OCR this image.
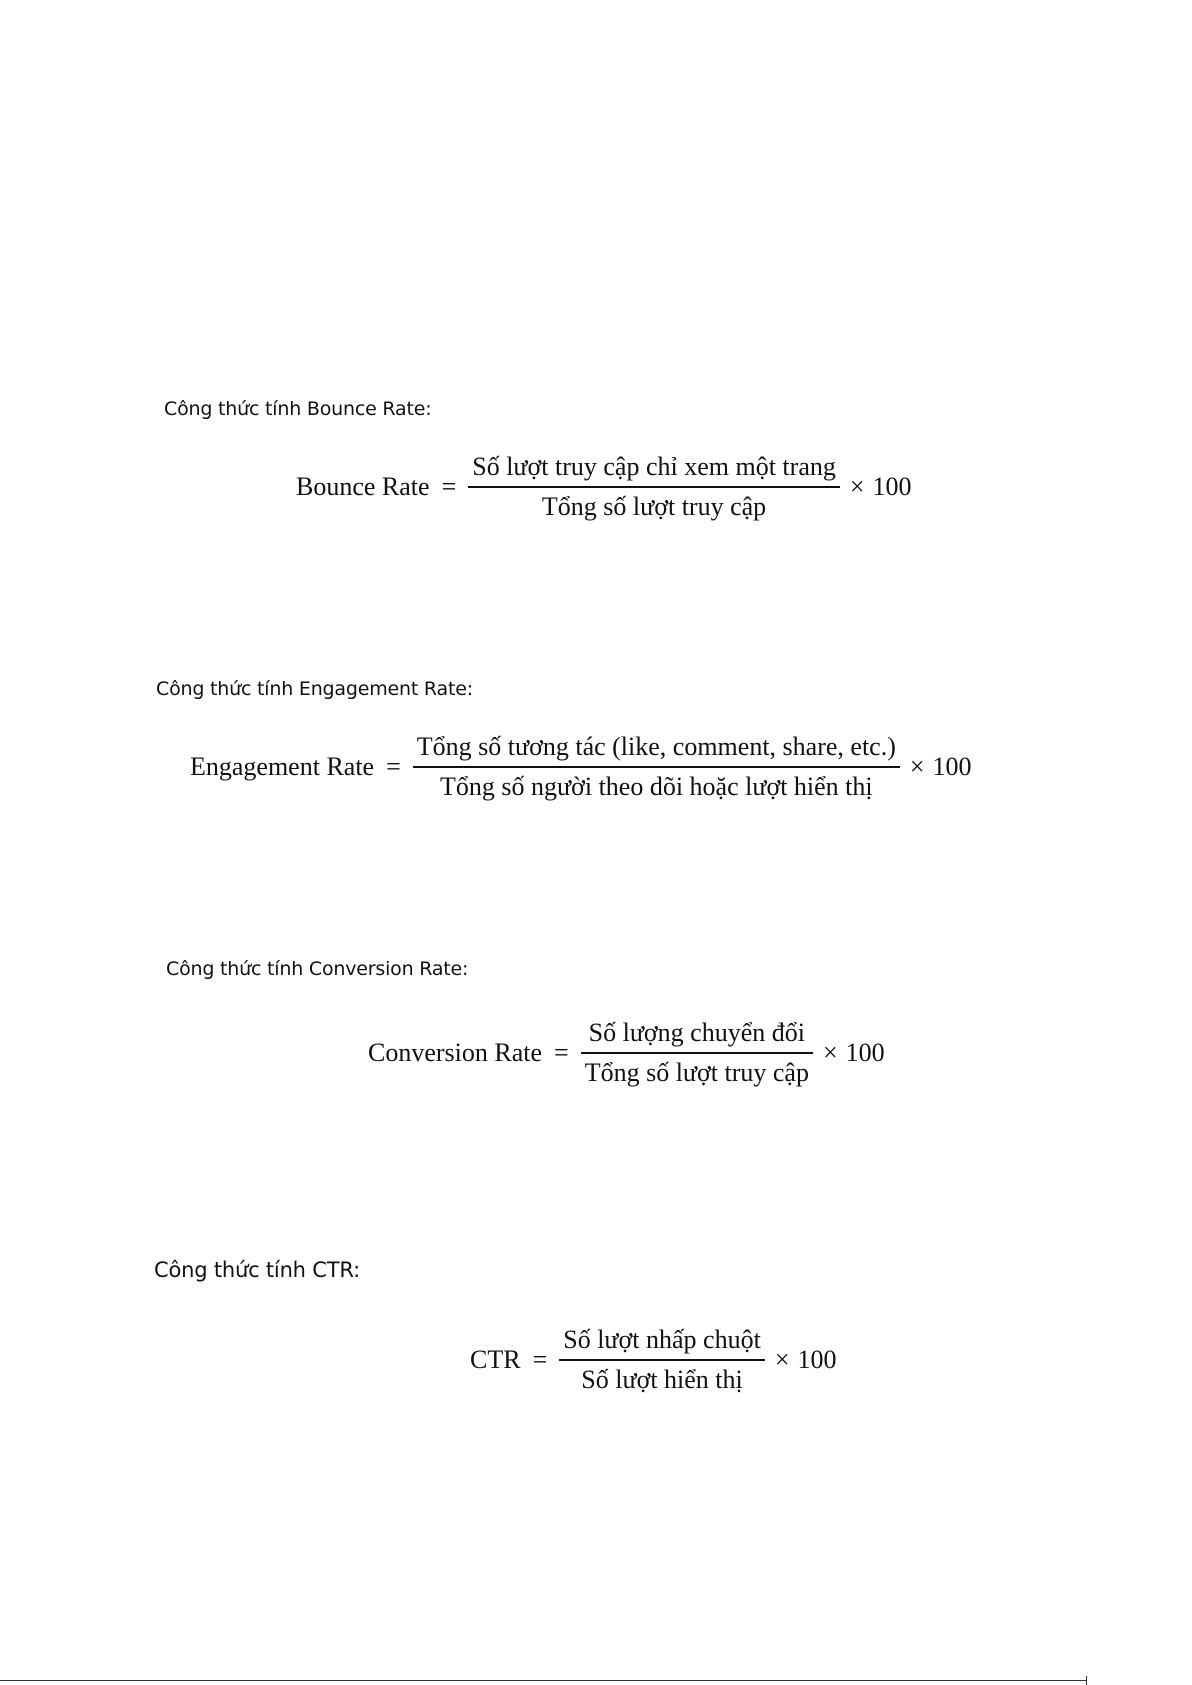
Công thức tính Bounce Rate:
Bounce Rate = $\frac{\text{Số lượt truy cập chỉ xem một trang}}{\text{Tổng số lượt truy cập}} \times 100$
Công thức tính Engagement Rate:
Engagement Rate = $\frac{\text{Tổng số tương tác (like, comment, share, etc.)}}{\text{Tổng số người theo dõi hoặc lượt hiển thị}} \times 100$
Công thức tính Conversion Rate:
Conversion Rate = $\frac{\text{Số lượng chuyển đổi}}{\text{Tổng số lượt truy cập}} \times 100$
Công thức tính CTR:
CTR = $\frac{\text{Số lượt nhấp chuột}}{\text{Số lượt hiển thị}} \times 100$
